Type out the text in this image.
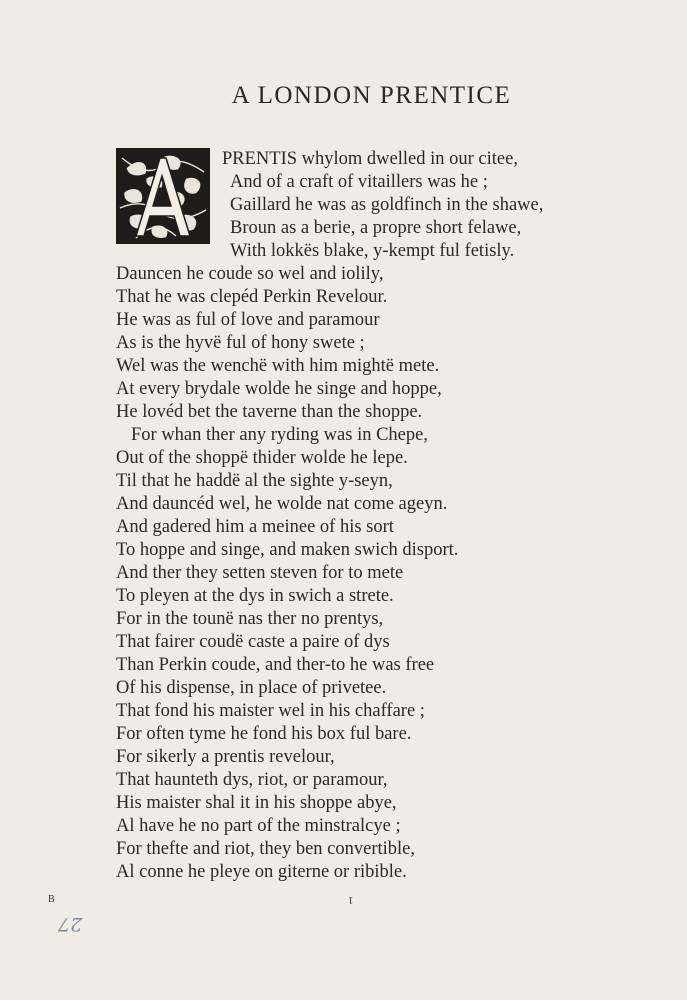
A LONDON PRENTICE
PRENTIS whylom dwelled in our citee,
And of a craft of vitaillers was he ;
Gaillard he was as goldfinch in the shawe,
Broun as a berie, a propre short felawe,
With lokkës blake, y-kempt ful fetisly.
Dauncen he coude so wel and iolily,
That he was clepéd Perkin Revelour.
He was as ful of love and paramour
As is the hyvë ful of hony swete ;
Wel was the wenchë with him mightë mete.
At every brydale wolde he singe and hoppe,
He lovéd bet the taverne than the shoppe.
For whan ther any ryding was in Chepe,
Out of the shoppë thider wolde he lepe.
Til that he haddë al the sighte y-seyn,
And dauncéd wel, he wolde nat come ageyn.
And gadered him a meinee of his sort
To hoppe and singe, and maken swich disport.
And ther they setten steven for to mete
To pleyen at the dys in swich a strete.
For in the tounë nas ther no prentys,
That fairer coudë caste a paire of dys
Than Perkin coude, and ther-to he was free
Of his dispense, in place of privetee.
That fond his maister wel in his chaffare ;
For often tyme he fond his box ful bare.
For sikerly a prentis revelour,
That haunteth dys, riot, or paramour,
His maister shal it in his shoppe abye,
Al have he no part of the minstralcye ;
For thefte and riot, they ben convertible,
Al conne he pleye on giterne or ribible.
B	1
27
